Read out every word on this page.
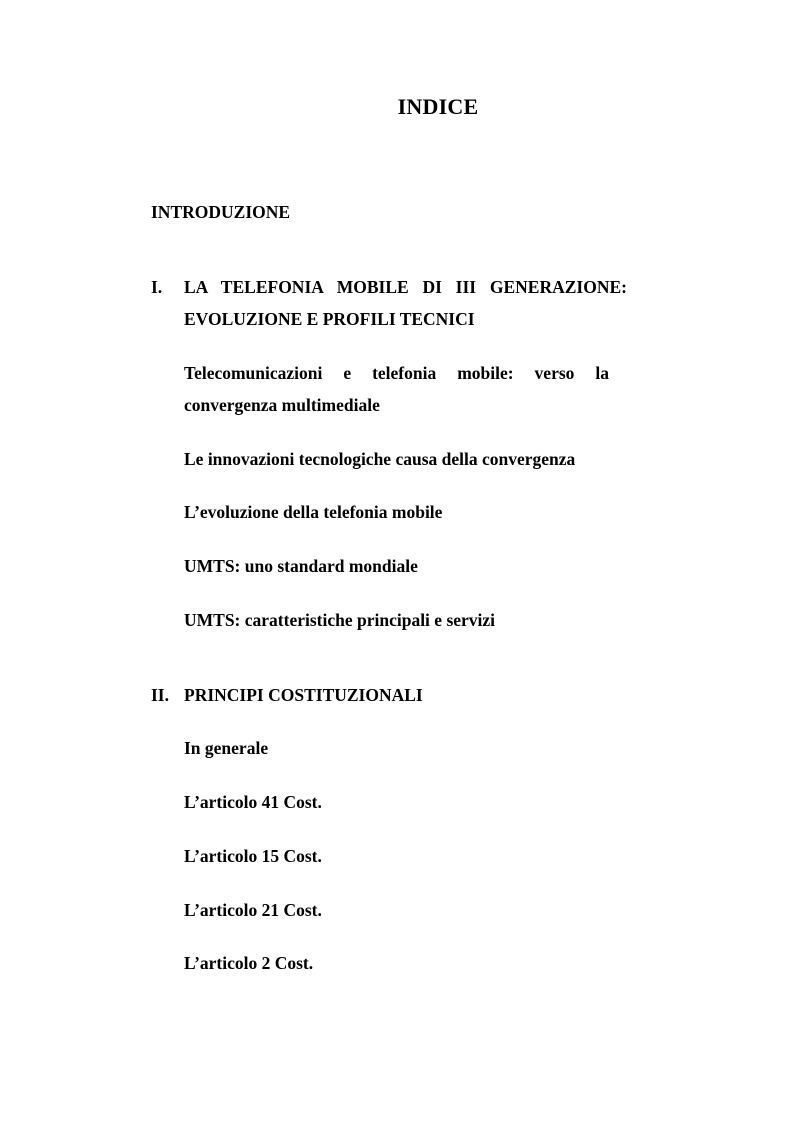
INDICE
INTRODUZIONE
I. LA TELEFONIA MOBILE DI III GENERAZIONE:
EVOLUZIONE E PROFILI TECNICI
Telecomunicazioni e telefonia mobile: verso la
convergenza multimediale
Le innovazioni tecnologiche causa della convergenza
L’evoluzione della telefonia mobile
UMTS: uno standard mondiale
UMTS: caratteristiche principali e servizi
II. PRINCIPI COSTITUZIONALI
In generale
L’articolo 41 Cost.
L’articolo 15 Cost.
L’articolo 21 Cost.
L’articolo 2 Cost.
